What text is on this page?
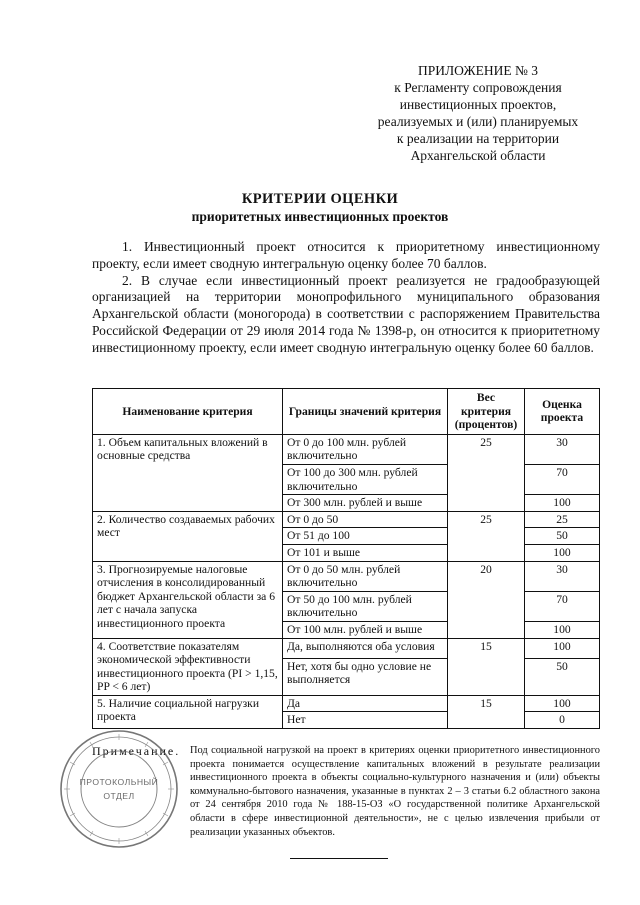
ПРИЛОЖЕНИЕ № 3
к Регламенту сопровождения
инвестиционных проектов,
реализуемых и (или) планируемых
к реализации на территории
Архангельской области
КРИТЕРИИ ОЦЕНКИ
приоритетных инвестиционных проектов

1. Инвестиционный проект относится к приоритетному инвестиционному проекту, если имеет сводную интегральную оценку более 70 баллов.

2. В случае если инвестиционный проект реализуется не градообразующей организацией на территории монопрофильного муниципального образования Архангельской области (моногорода) в соответствии с распоряжением Правительства Российской Федерации от 29 июля 2014 года № 1398-р, он относится к приоритетному инвестиционному проекту, если имеет сводную интегральную оценку более 60 баллов.

Наименование критерия	Границы значений критерия	Вес критерия (процентов)	Оценка проекта
1. Объем капитальных вложений в основные средства	От 0 до 100 млн. рублей включительно	25	30
	От 100 до 300 млн. рублей включительно		70
	От 300 млн. рублей и выше		100
2. Количество создаваемых рабочих мест	От 0 до 50	25	25
	От 51 до 100		50
	От 101 и выше		100
3. Прогнозируемые налоговые отчисления в консолидированный бюджет Архангельской области за 6 лет с начала запуска инвестиционного проекта	От 0 до 50 млн. рублей включительно	20	30
	От 50 до 100 млн. рублей включительно		70
	От 100 млн. рублей и выше		100
4. Соответствие показателям экономической эффективности инвестиционного проекта (PI > 1,15, PP < 6 лет)	Да, выполняются оба условия	15	100
	Нет, хотя бы одно условие не выполняется		50
5. Наличие социальной нагрузки проекта	Да	15	100
	Нет		0
Примечание. Под социальной нагрузкой на проект в критериях оценки приоритетного инвестиционного проекта понимается осуществление капитальных вложений в результате реализации инвестиционного проекта в объекты социально-культурного назначения и (или) объекты коммунально-бытового назначения, указанные в пунктах 2 – 3 статьи 6.2 областного закона от 24 сентября 2010 года № 188-15-ОЗ «О государственной политике Архангельской области в сфере инвестиционной деятельности», не с целью извлечения прибыли от реализации указанных объектов.
ПРОТОКОЛЬНЫЙ
ОТДЕЛ
